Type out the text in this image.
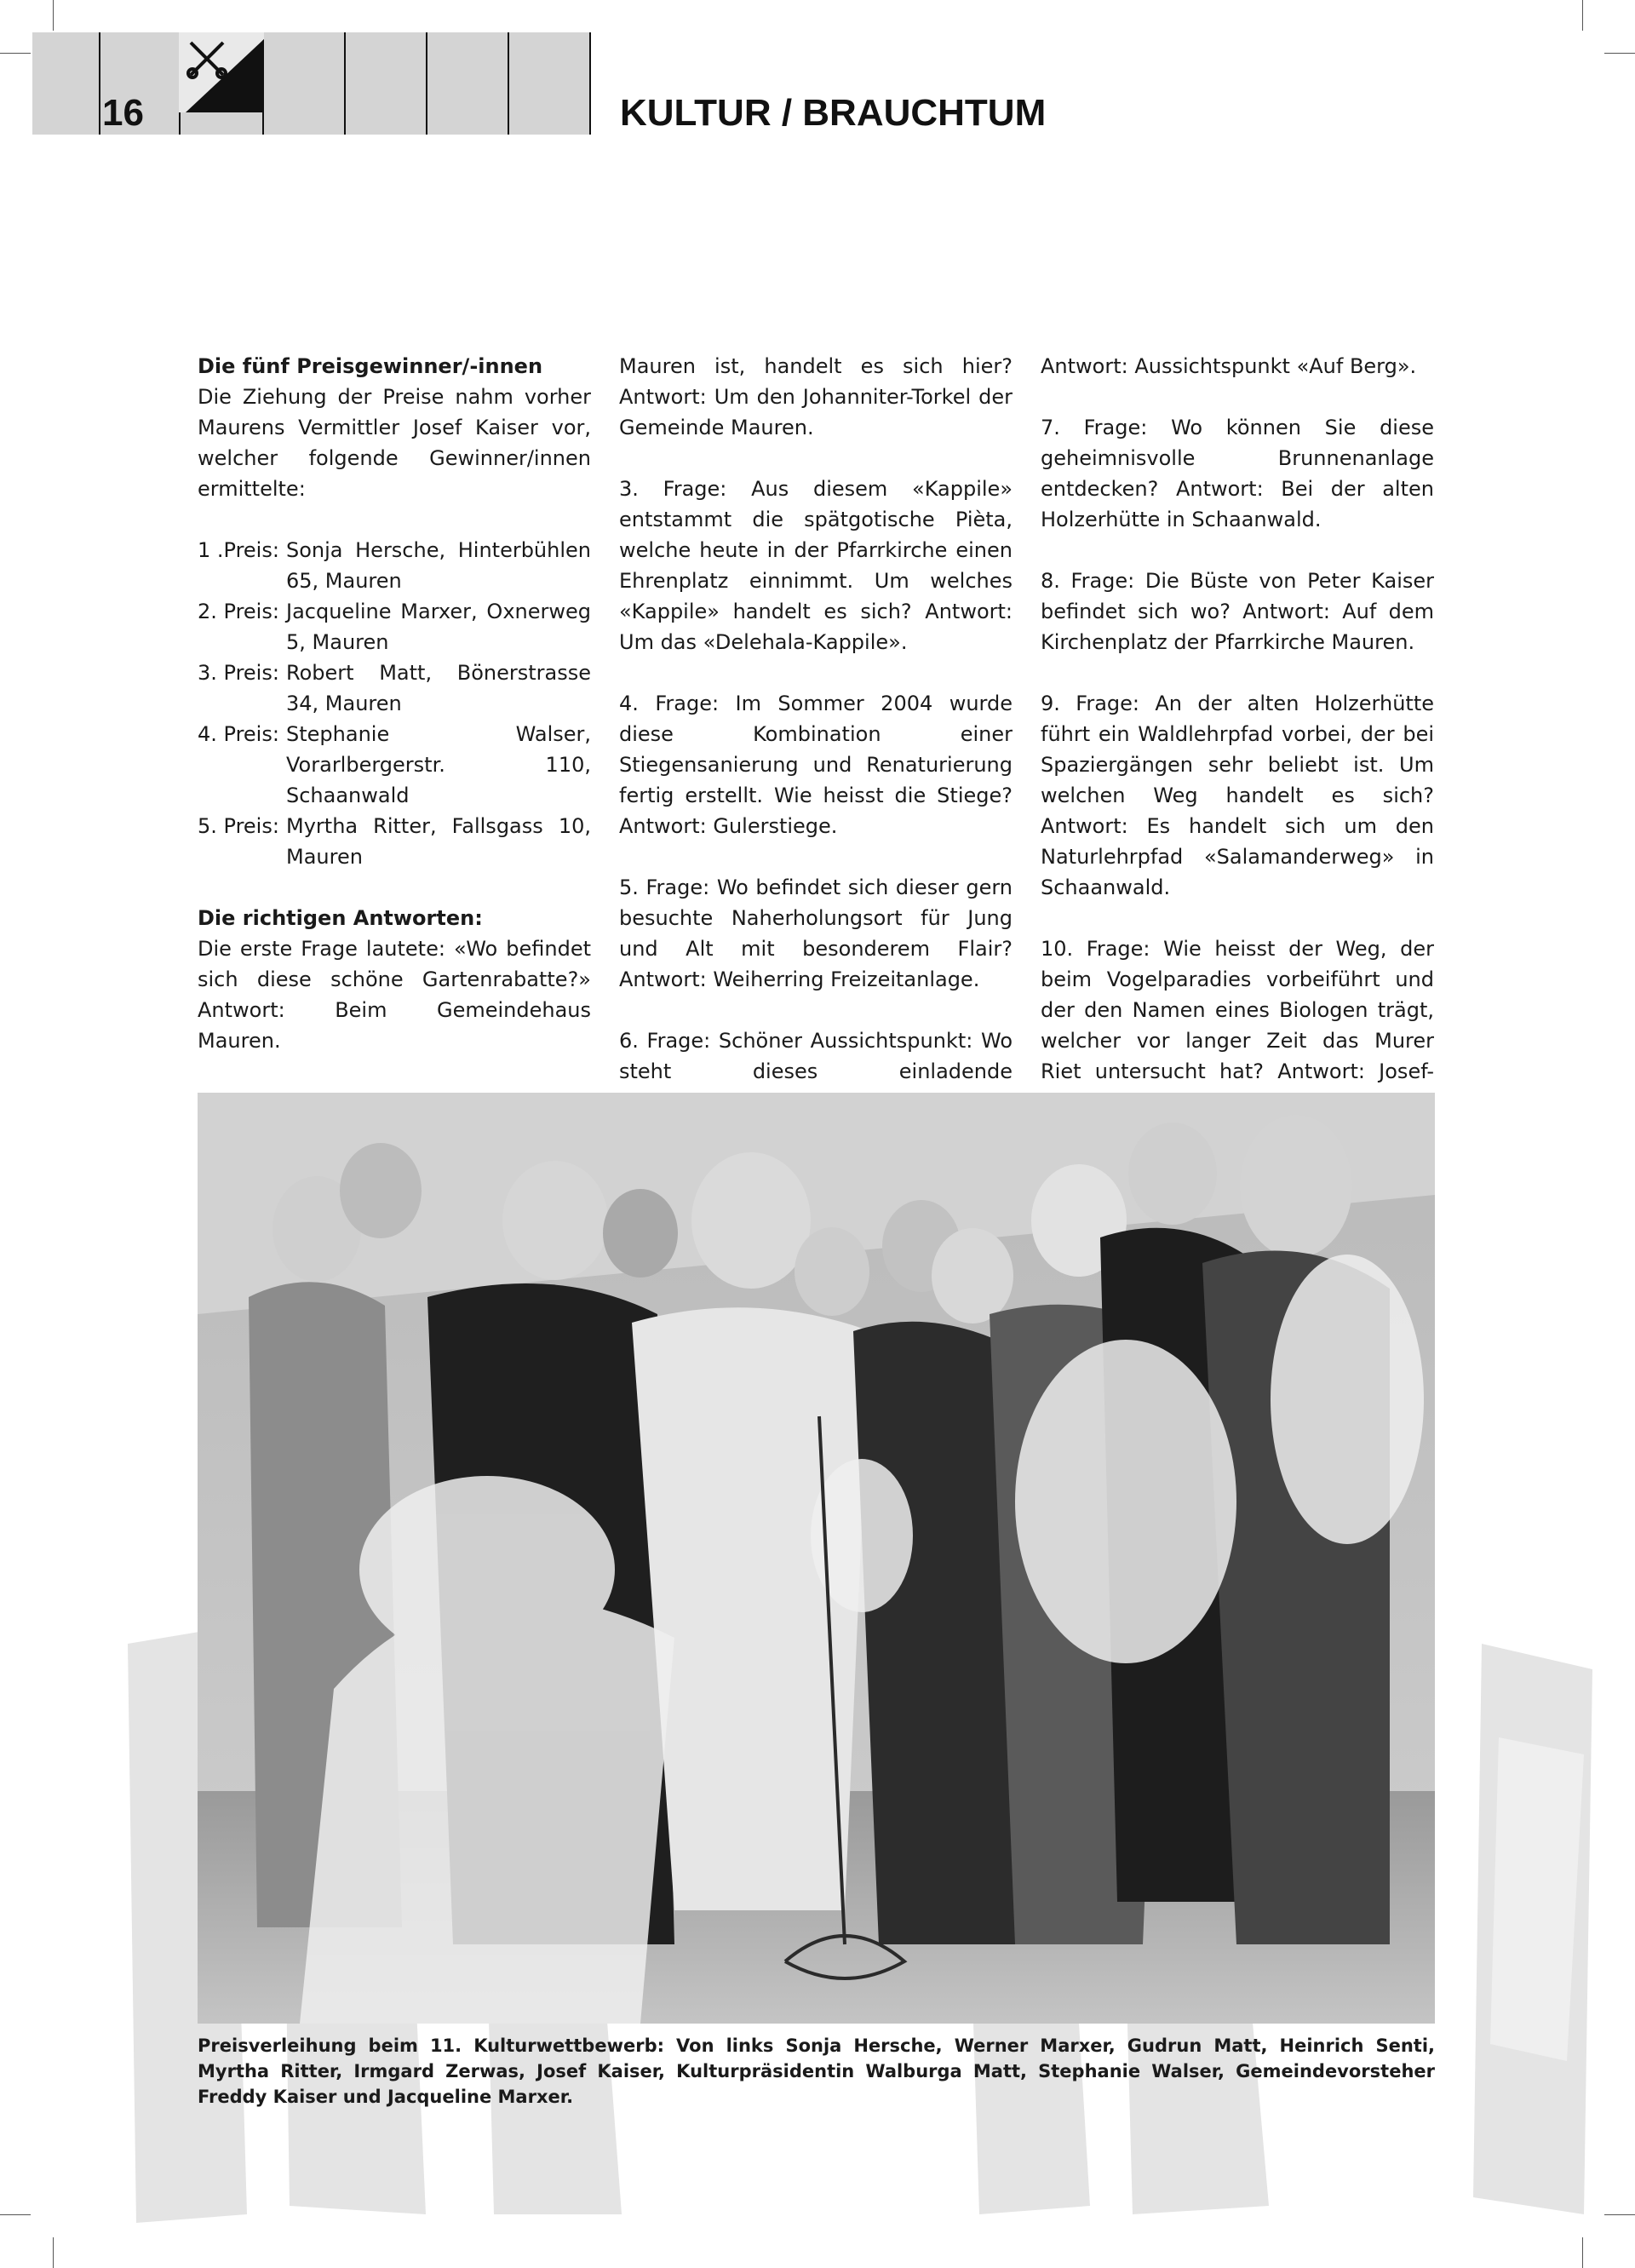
16	KULTUR / BRAUCHTUM

Die fünf Preisgewinner/-innen

Die Ziehung der Preise nahm vorher Maurens Vermittler Josef Kaiser vor, welcher folgende Gewinner/innen ermittelte:

1 .Preis: Sonja Hersche, Hinterbühlen 65, Mauren
2. Preis: Jacqueline Marxer, Oxnerweg 5, Mauren
3. Preis: Robert Matt, Bönerstrasse 34, Mauren
4. Preis: Stephanie Walser, Vorarlbergerstr. 110, Schaanwald
5. Preis: Myrtha Ritter, Fallsgass 10, Mauren

Die richtigen Antworten:

Die erste Frage lautete: «Wo befindet sich diese schöne Gartenrabatte?» Antwort: Beim Gemeindehaus Mauren.

Mauren ist, handelt es sich hier? Antwort: Um den Johanniter-Torkel der Gemeinde Mauren.

3. Frage: Aus diesem «Kappile» entstammt die spätgotische Pièta, welche heute in der Pfarrkirche einen Ehrenplatz einnimmt. Um welches «Kappile» handelt es sich? Antwort: Um das «Delehala-Kappile».

4. Frage: Im Sommer 2004 wurde diese Kombination einer Stiegensanierung und Renaturierung fertig erstellt. Wie heisst die Stiege? Antwort: Gulerstiege.

5. Frage: Wo befindet sich dieser gern besuchte Naherholungsort für Jung und Alt mit besonderem Flair? Antwort: Weiherring Freizeitanlage.

6. Frage: Schöner Aussichtspunkt: Wo steht dieses einladende

Antwort: Aussichtspunkt «Auf Berg».

7. Frage: Wo können Sie diese geheimnisvolle Brunnenanlage entdecken? Antwort: Bei der alten Holzerhütte in Schaanwald.

8. Frage: Die Büste von Peter Kaiser befindet sich wo? Antwort: Auf dem Kirchenplatz der Pfarrkirche Mauren.

9. Frage: An der alten Holzerhütte führt ein Waldlehrpfad vorbei, der bei Spaziergängen sehr beliebt ist. Um welchen Weg handelt es sich? Antwort: Es handelt sich um den Naturlehrpfad «Salamanderweg» in Schaanwald.

10. Frage: Wie heisst der Weg, der beim Vogelparadies vorbeiführt und der den Namen eines Biologen trägt, welcher vor langer Zeit das Murer Riet untersucht hat? Antwort: Josef-

Preisverleihung beim 11. Kulturwettbewerb: Von links Sonja Hersche, Werner Marxer, Gudrun Matt, Heinrich Senti, Myrtha Ritter, Irmgard Zerwas, Josef Kaiser, Kulturpräsidentin Walburga Matt, Stephanie Walser, Gemeindevorsteher Freddy Kaiser und Jacqueline Marxer.
